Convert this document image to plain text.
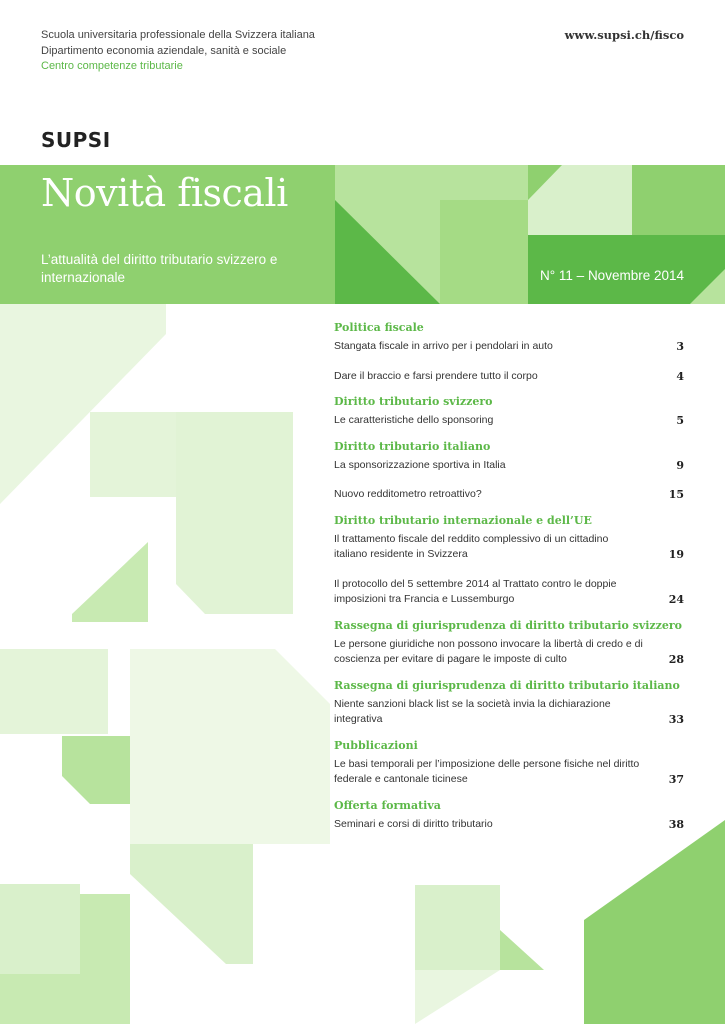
Scuola universitaria professionale della Svizzera italiana
Dipartimento economia aziendale, sanità e sociale
Centro competenze tributarie
www.supsi.ch/fisco
SUPSI
Novità fiscali
L’attualità del diritto tributario svizzero e internazionale	N° 11 – Novembre 2014
Politica fiscale
Stangata fiscale in arrivo per i pendolari in auto	3
Dare il braccio e farsi prendere tutto il corpo	4
Diritto tributario svizzero
Le caratteristiche dello sponsoring	5
Diritto tributario italiano
La sponsorizzazione sportiva in Italia	9
Nuovo redditometro retroattivo?	15
Diritto tributario internazionale e dell’UE
Il trattamento fiscale del reddito complessivo di un cittadino italiano residente in Svizzera	19
Il protocollo del 5 settembre 2014 al Trattato contro le doppie imposizioni tra Francia e Lussemburgo	24
Rassegna di giurisprudenza di diritto tributario svizzero
Le persone giuridiche non possono invocare la libertà di credo e di coscienza per evitare di pagare le imposte di culto	28
Rassegna di giurisprudenza di diritto tributario italiano
Niente sanzioni black list se la società invia la dichiarazione integrativa	33
Pubblicazioni
Le basi temporali per l’imposizione delle persone fisiche nel diritto federale e cantonale ticinese	37
Offerta formativa
Seminari e corsi di diritto tributario	38
